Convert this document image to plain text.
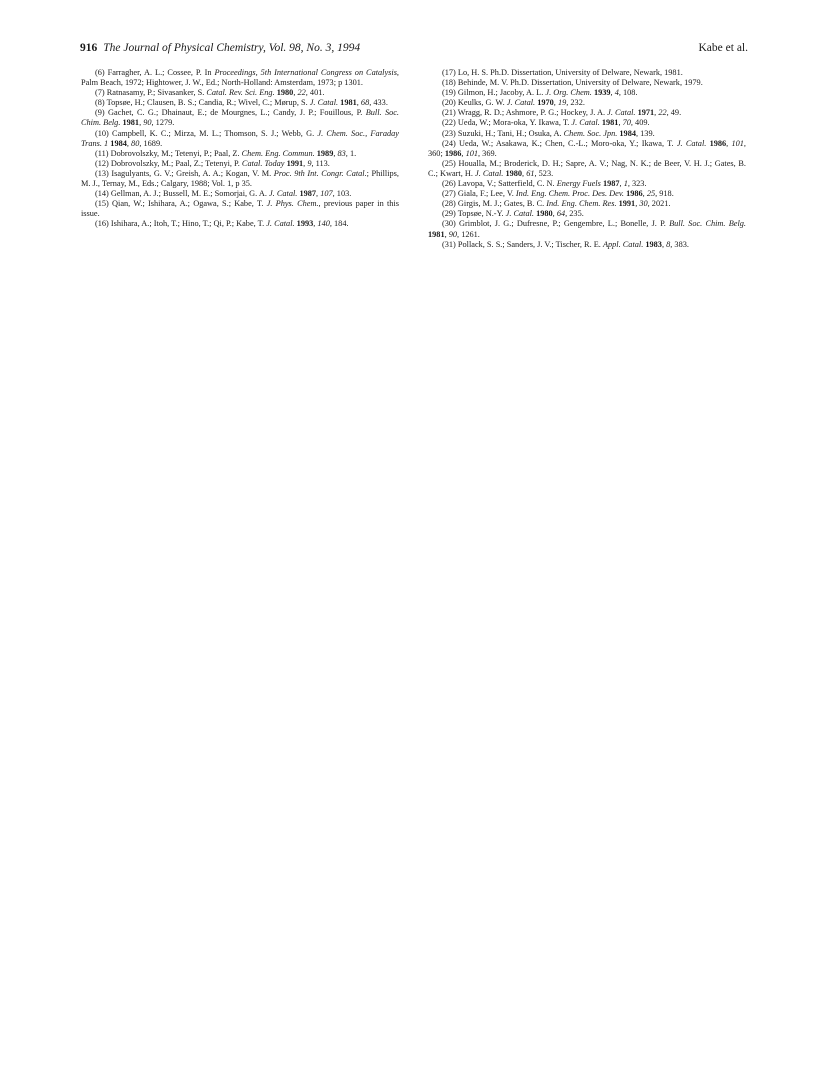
916 The Journal of Physical Chemistry, Vol. 98, No. 3, 1994	Kabe et al.

(6) Farragher, A. L.; Cossee, P. In Proceedings, 5th International Congress on Catalysis, Palm Beach, 1972; Hightower, J. W., Ed.; North-Holland: Amsterdam, 1973; p 1301.

(7) Ratnasamy, P.; Sivasanker, S. Catal. Rev. Sci. Eng. 1980, 22, 401.

(8) Topsøe, H.; Clausen, B. S.; Candia, R.; Wivel, C.; Mørup, S. J. Catal. 1981, 68, 433.

(9) Gachet, C. G.; Dhainaut, E.; de Mourgnes, L.; Candy, J. P.; Fouillous, P. Bull. Soc. Chim. Belg. 1981, 90, 1279.

(10) Campbell, K. C.; Mirza, M. L.; Thomson, S. J.; Webb, G. J. Chem. Soc., Faraday Trans. 1 1984, 80, 1689.

(11) Dobrovolszky, M.; Tetenyi, P.; Paal, Z. Chem. Eng. Commun. 1989, 83, 1.

(12) Dobrovolszky, M.; Paal, Z.; Tetenyi, P. Catal. Today 1991, 9, 113.

(13) Isagulyants, G. V.; Greish, A. A.; Kogan, V. M. Proc. 9th Int. Congr. Catal.; Phillips, M. J., Ternay, M., Eds.; Calgary, 1988; Vol. 1, p 35.

(14) Gellman, A. J.; Bussell, M. E.; Somorjai, G. A. J. Catal. 1987, 107, 103.

(15) Qian, W.; Ishihara, A.; Ogawa, S.; Kabe, T. J. Phys. Chem., previous paper in this issue.

(16) Ishihara, A.; Itoh, T.; Hino, T.; Qi, P.; Kabe, T. J. Catal. 1993, 140, 184.

(17) Lo, H. S. Ph.D. Dissertation, University of Delware, Newark, 1981.

(18) Behinde, M. V. Ph.D. Dissertation, University of Delware, Newark, 1979.

(19) Gilmon, H.; Jacoby, A. L. J. Org. Chem. 1939, 4, 108.

(20) Keulks, G. W. J. Catal. 1970, 19, 232.

(21) Wragg, R. D.; Ashmore, P. G.; Hockey, J. A. J. Catal. 1971, 22, 49.

(22) Ueda, W.; Mora-oka, Y. Ikawa, T. J. Catal. 1981, 70, 409.

(23) Suzuki, H.; Tani, H.; Osuka, A. Chem. Soc. Jpn. 1984, 139.

(24) Ueda, W.; Asakawa, K.; Chen, C.-L.; Moro-oka, Y.; Ikawa, T. J. Catal. 1986, 101, 360; 1986, 101, 369.

(25) Houalla, M.; Broderick, D. H.; Sapre, A. V.; Nag, N. K.; de Beer, V. H. J.; Gates, B. C.; Kwart, H. J. Catal. 1980, 61, 523.

(26) Lavopa, V.; Satterfield, C. N. Energy Fuels 1987, 1, 323.

(27) Giala, F.; Lee, V. Ind. Eng. Chem. Proc. Des. Dev. 1986, 25, 918.

(28) Girgis, M. J.; Gates, B. C. Ind. Eng. Chem. Res. 1991, 30, 2021.

(29) Topsøe, N.-Y. J. Catal. 1980, 64, 235.

(30) Grimblot, J. G.; Dufresne, P.; Gengembre, L.; Bonelle, J. P. Bull. Soc. Chim. Belg. 1981, 90, 1261.

(31) Pollack, S. S.; Sanders, J. V.; Tischer, R. E. Appl. Catal. 1983, 8, 383.
